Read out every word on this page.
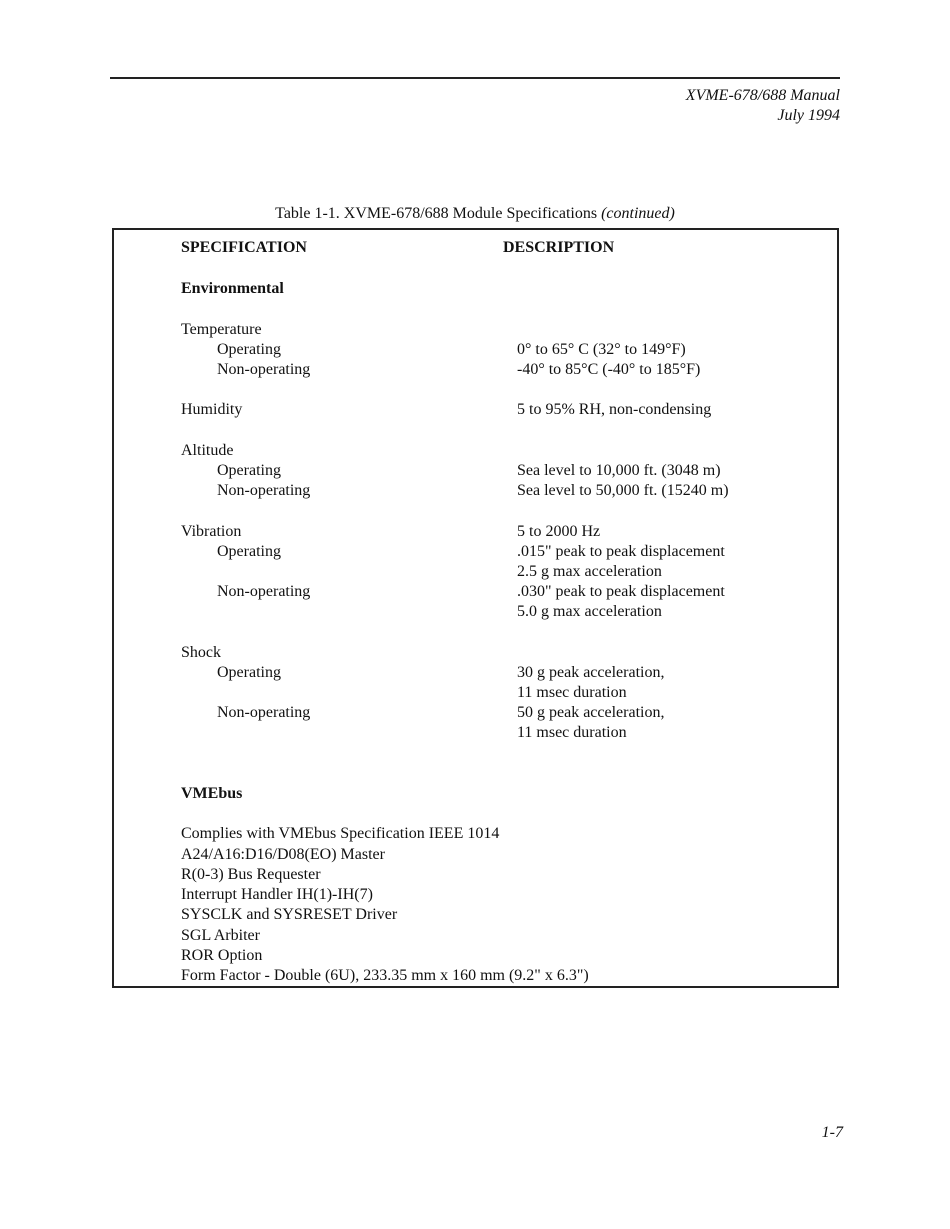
XVME-678/688 Manual
July 1994
Table 1-1. XVME-678/688 Module Specifications (continued)
SPECIFICATION	DESCRIPTION
Environmental
Temperature
Operating	0° to 65° C (32° to 149°F)
Non-operating	-40° to 85°C (-40° to 185°F)
Humidity	5 to 95% RH, non-condensing
Altitude
Operating	Sea level to 10,000 ft. (3048 m)
Non-operating	Sea level to 50,000 ft. (15240 m)
Vibration	5 to 2000 Hz
Operating	.015" peak to peak displacement
2.5 g max acceleration
Non-operating	.030" peak to peak displacement
5.0 g max acceleration
Shock
Operating	30 g peak acceleration,
11 msec duration
Non-operating	50 g peak acceleration,
11 msec duration
VMEbus
Complies with VMEbus Specification IEEE 1014
A24/A16:D16/D08(EO) Master
R(0-3) Bus Requester
Interrupt Handler IH(1)-IH(7)
SYSCLK and SYSRESET Driver
SGL Arbiter
ROR Option
Form Factor - Double (6U), 233.35 mm x 160 mm (9.2" x 6.3")
1-7
